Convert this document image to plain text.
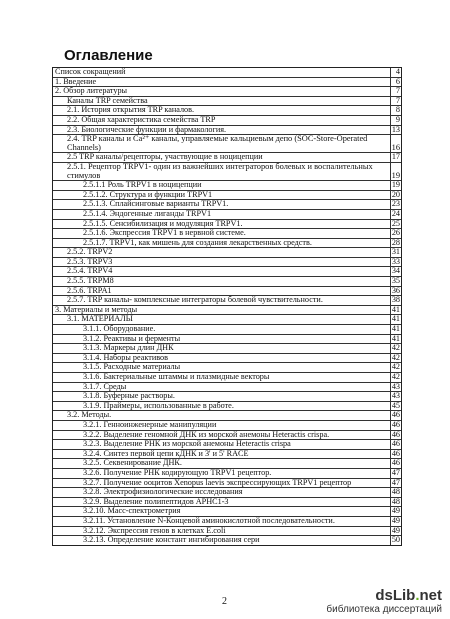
Оглавление
Список сокращений	4
1. Введение	6
2. Обзор литературы	7
Каналы TRP семейства	7
2.1. История открытия TRP каналов.	8
2.2. Общая характеристика семейства TRP	9
2.3. Биологические функции и фармакология.	13
2.4. TRP каналы и Ca²⁺ каналы, управляемые кальциевым депо (SOC-Store-Operated Channels)	16
2.5 TRP каналы/рецепторы, участвующие в ноцицепции	17
2.5.1. Рецептор TRPV1- один из важнейших интеграторов болевых и воспалительных стимулов	19
2.5.1.1 Роль TRPV1 в ноцицепции	19
2.5.1.2. Структура и функции TRPV1	20
2.5.1.3. Сплайсинговые варианты TRPV1.	23
2.5.1.4. Эндогенные лиганды TRPV1	24
2.5.1.5. Сенсибилизация и модуляция TRPV1.	25
2.5.1.6. Экспрессия TRPV1 в нервной системе.	26
2.5.1.7. TRPV1, как мишень для создания лекарственных средств.	28
2.5.2. TRPV2	31
2.5.3. TRPV3	33
2.5.4. TRPV4	34
2.5.5. TRPM8	35
2.5.6. TRPA1	36
2.5.7. TRP каналы- комплексные интеграторы болевой чувствительности.	38
3. Материалы и методы	41
3.1. МАТЕРИАЛЫ	41
3.1.1. Оборудование.	41
3.1.2. Реактивы и ферменты	41
3.1.3. Маркеры длин ДНК	42
3.1.4. Наборы реактивов	42
3.1.5. Расходные материалы	42
3.1.6. Бактериальные штаммы и плазмидные векторы	42
3.1.7. Среды	43
3.1.8. Буферные растворы.	43
3.1.9. Праймеры, использованные в работе.	45
3.2. Методы.	46
3.2.1. Генноинженерные манипуляции	46
3.2.2. Выделение геномной ДНК из морской анемоны Heteractis crispa.	46
3.2.3. Выделение РНК из морской анемоны Heteractis crispa	46
3.2.4. Синтез первой цепи кДНК и 3' и 5' RACE	46
3.2.5. Секвенирование ДНК.	46
3.2.6. Получение РНК кодирующую TRPV1 рецептор.	47
3.2.7. Получение ооцитов Xenopus laevis экспрессирующих TRPV1 рецептор	47
3.2.8. Электрофизиологические исследования	48
3.2.9. Выделение полипептидов APHC1-3	48
3.2.10. Масс-спектрометрия	49
3.2.11. Установление N-Концевой аминокислотной последовательности.	49
3.2.12. Экспрессия генов в клетках E.coli	49
3.2.13. Определение констант ингибирования сери	50
2	dsLib.net
библиотека диссертаций
